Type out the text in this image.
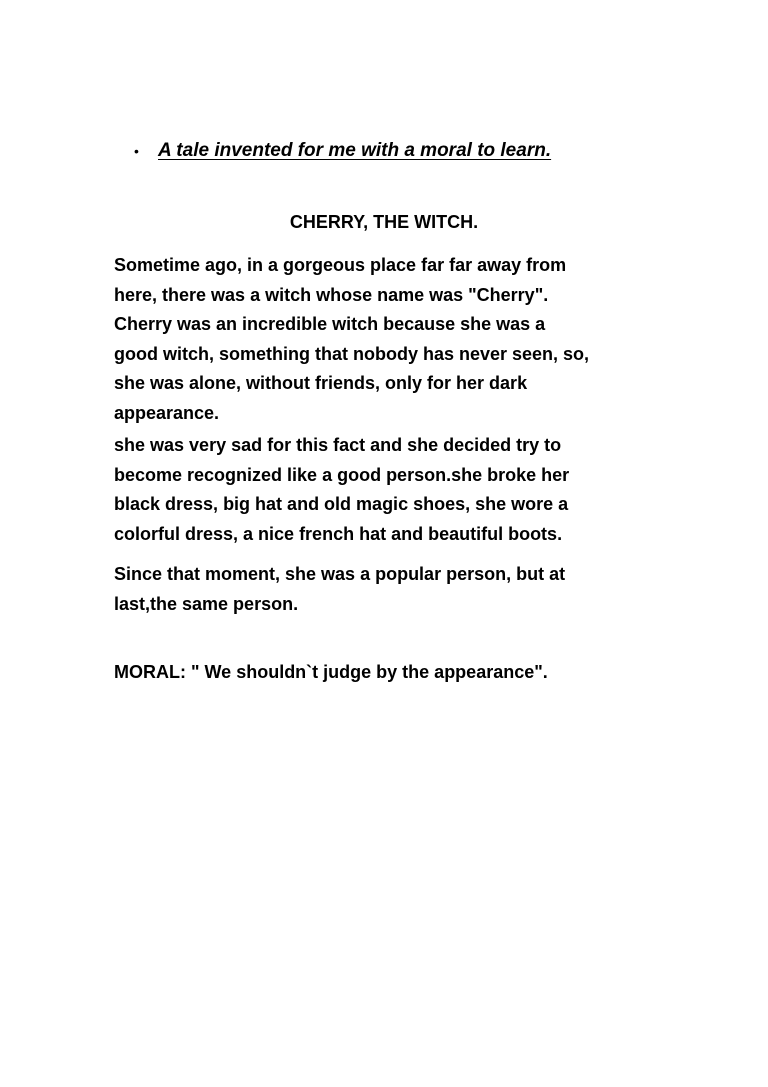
•	A tale invented for me with a moral to learn.
CHERRY, THE WITCH.

Sometime ago, in a gorgeous place far far away from
here, there was a witch whose name was "Cherry".
Cherry was an incredible witch because she was a
good witch, something that nobody has never seen, so,
she was alone, without friends, only for her dark
appearance.

she was very sad for this fact and she decided try to
become recognized like a good person.she broke her
black dress, big hat and old magic shoes, she wore a
colorful dress, a nice french hat and beautiful boots.

Since that moment, she was a popular person, but at
last,the same person.

MORAL: " We shouldn`t judge by the appearance".
